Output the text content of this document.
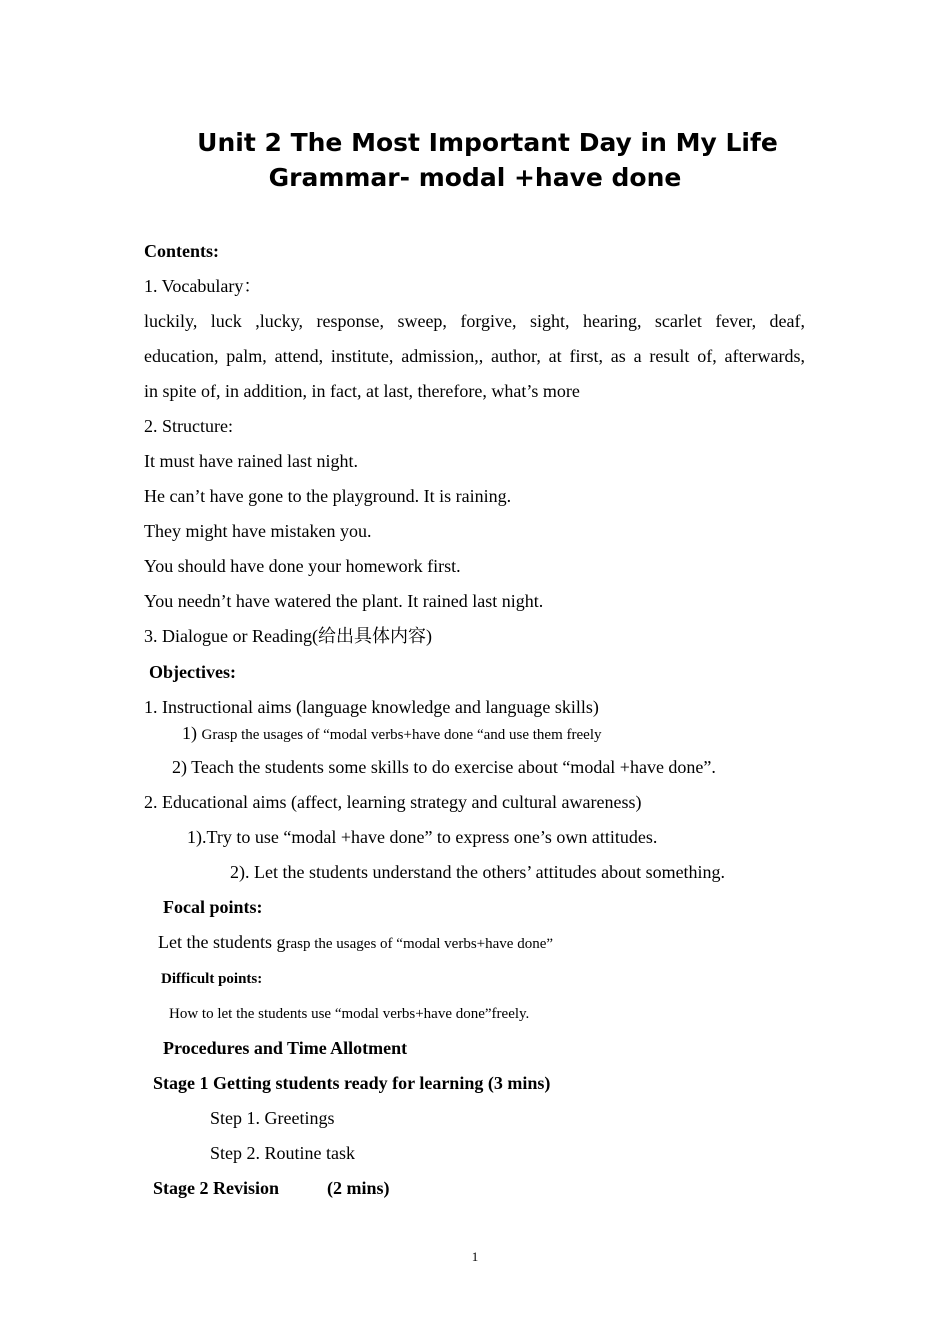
Unit 2 The Most Important Day in My Life
Grammar- modal +have done

Contents:

1. Vocabulary：

luckily, luck ,lucky, response, sweep, forgive, sight, hearing, scarlet fever, deaf,

education, palm, attend, institute, admission,, author, at first, as a result of, afterwards,

in spite of, in addition, in fact, at last, therefore, what’s more

2. Structure:

It must have rained last night.

He can’t have gone to the playground. It is raining.

They might have mistaken you.

You should have done your homework first.

You needn’t have watered the plant. It rained last night.

3. Dialogue or Reading(给出具体内容)

Objectives:

1. Instructional aims (language knowledge and language skills)

1) Grasp the usages of “modal verbs+have done “and use them freely

2) Teach the students some skills to do exercise about “modal +have done”.

2. Educational aims (affect, learning strategy and cultural awareness)

1).Try to use “modal +have done” to express one’s own attitudes.

2). Let the students understand the others’ attitudes about something.

Focal points:

Let the students grasp the usages of “modal verbs+have done”

Difficult points:

How to let the students use “modal verbs+have done”freely.

Procedures and Time Allotment

Stage 1 Getting students ready for learning (3 mins)

Step 1. Greetings

Step 2. Routine task

Stage 2 Revision	(2 mins)

1
